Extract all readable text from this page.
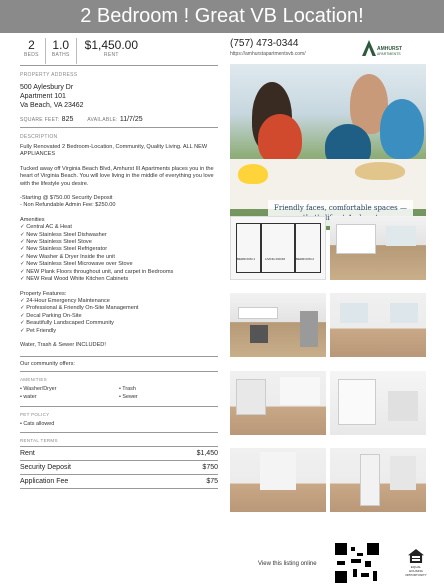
2 Bedroom ! Great VB Location!
2
BEDS
1.0
BATHS
$1,450.00
RENT
PROPERTY ADDRESS
500 Aylesbury Dr
Apartment 101
Va Beach, VA 23462
SQUARE FEET: 825	AVAILABLE: 11/7/25
DESCRIPTION

Fully Renovated 2 Bedroom-Location, Community, Quality Living. ALL NEW APPLIANCES

Tucked away off Virginia Beach Blvd, Amhurst III Apartments places you in the heart of Virginia Beach. You will love living in the middle of everything you love with the lifestyle you desire.

-Starting @ $750.00 Security Deposit
- Non Refundable Admin Fee: $250.00

Amenities
✓ Central AC & Heat
✓ New Stainless Steel Dishwasher
✓ New Stainless Steel Stove
✓ New Stainless Steel Refrigerator
✓ New Washer & Dryer Inside the unit
✓ New Stainless Steel Microwave over Stove
✓ NEW Plank Floors throughout unit, and carpet in Bedrooms
✓ NEW Real Wood White Kitchen Cabinets

Property Features:
✓ 24-Hour Emergency Maintenance
✓ Professional & Friendly On-Site Management
✓ Decal Parking On-Site
✓ Beautifully Landscaped Community
✓ Pet Friendly

Water, Trash & Sewer INCLUDED!

Our community offers:
AMENITIES
• Washer/Dryer	• Trash
• water	• Sewer
PET POLICY
• Cats allowed
RENTAL TERMS
Rent	$1,450
Security Deposit	$750
Application Fee	$75
(757) 473-0344
https://amhurstapartmentsvb.com/
AMHURST
APARTMENTS
Friendly faces, comfortable spaces —
BEDROOM 1	LIVING ROOM	BEDROOM 2
View this listing online	EQUAL HOUSING OPPORTUNITY
